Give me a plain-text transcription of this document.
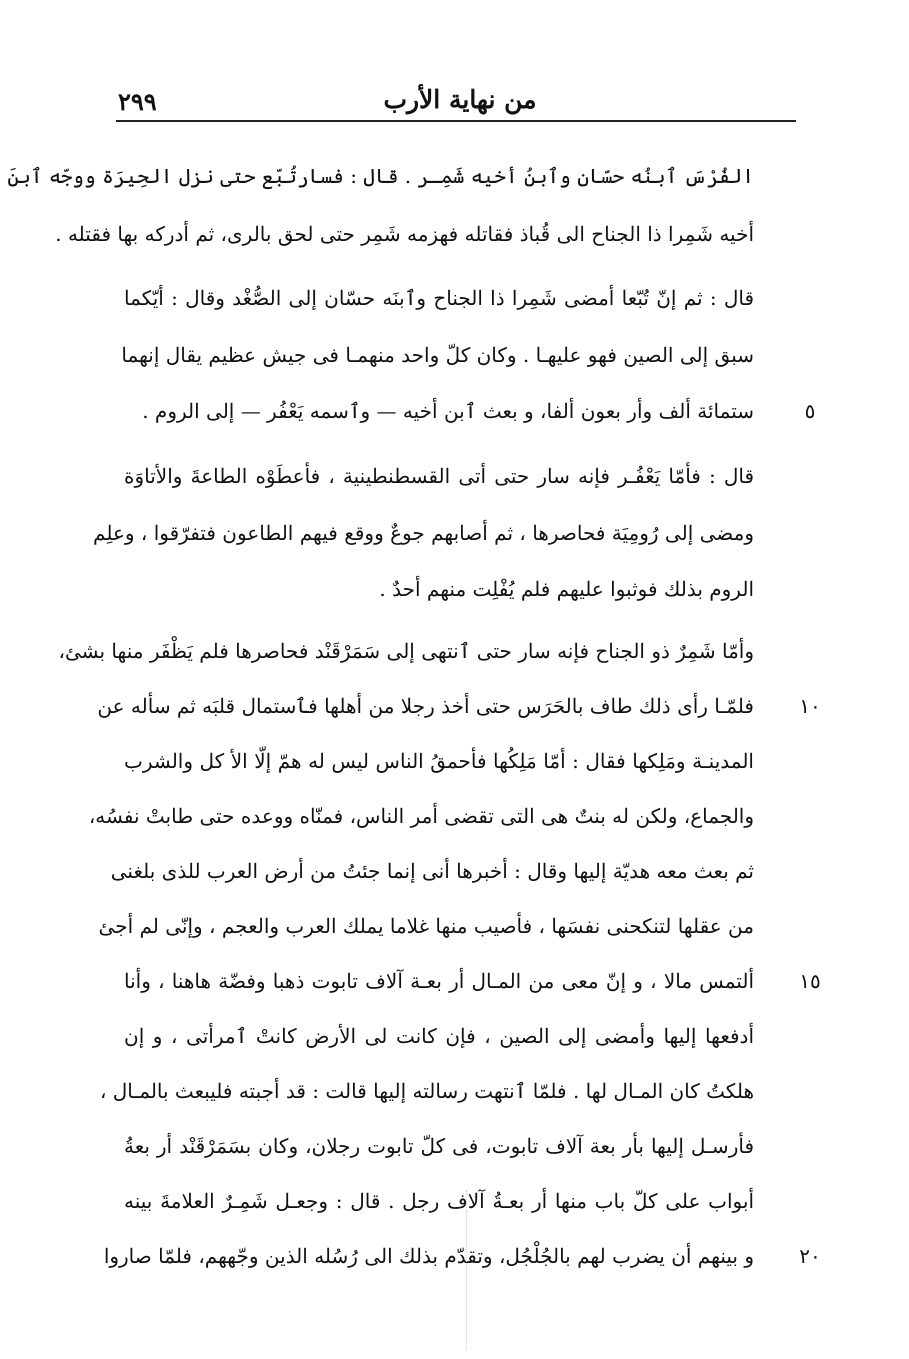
٢٩٩	من نهاية الأرب
الفُرْسَ ٱبنُه حسّان وٱبنُ أخيه شَمِـر . قال : فسارتُبّع حتى نزل الحِيرَة ووجّه ٱبنَ
أخيه شَمِرا ذا الجناح الى قُباذ فقاتله فهزمه شَمِر حتى لحق بالرى، ثم أدركه بها فقتله .
قال : ثم إنّ تُبّعا أمضى شَمِرا ذا الجناح وٱبنَه حسّان إلى الصُّغْد وقال : أيّكما
سبق إلى الصين فهو عليهـا . وكان كلّ واحد منهمـا فى جيش عظيم يقال إنهما
ستمائة ألف وأر بعون ألفا، و بعث ٱبن أخيه — وٱسمه يَعْفُر — إلى الروم .	٥
قال : فأمّا يَعْفُـر فإنه سار حتى أتى القسطنطينية ، فأعطَوْه الطاعةَ والأتاوَة
ومضى إلى رُومِيَة فحاصرها ، ثم أصابهم جوعٌ ووقع فيهم الطاعون فتفرّقوا ، وعلِم
الروم بذلك فوثبوا عليهم فلم يُفْلِت منهم أحدٌ .
وأمّا شَمِرٌ ذو الجناح فإنه سار حتى ٱنتهى إلى سَمَرْقَنْد فحاصرها فلم يَظْفَر منها بشئ،
فلمّـا رأى ذلك طاف بالحَرَس حتى أخذ رجلا من أهلها فٱستمال قلبَه ثم سأله عن	١٠
المدينـة ومَلِكها فقال : أمّا مَلِكُها فأحمقُ الناس ليس له همّ إلّا الأ كل والشرب
والجماع، ولكن له بنتٌ هى التى تقضى أمر الناس، فمنّاه ووعده حتى طابتْ نفسُه،
ثم بعث معه هديّة إليها وقال : أخبرها أنى إنما جئتُ من أرض العرب للذى بلغنى
من عقلها لتنكحنى نفسَها ، فأصيب منها غلاما يملك العرب والعجم ، وإنّى لم أجئ
ألتمس مالا ، و إنّ معى من المـال أر بعـة آلاف تابوت ذهبا وفضّة هاهنا ، وأنا	١٥
أدفعها إليها وأمضى إلى الصين ، فإن كانت لى الأرض كانتْ ٱمرأتى ، و إن
هلكتُ كان المـال لها . فلمّا ٱنتهت رسالته إليها قالت : قد أجبته فليبعث بالمـال ،
فأرسـل إليها بأر بعة آلاف تابوت، فى كلّ تابوت رجلان، وكان بسَمَرْقَنْد أر بعةُ
أبواب على كلّ باب منها أر بعـةُ آلاف رجل . قال : وجعـل شَمِـرٌ العلامةَ بينه
و بينهم أن يضرب لهم بالجُلْجُل، وتقدّم بذلك الى رُسُله الذين وجّههم، فلمّا صاروا	٢٠
